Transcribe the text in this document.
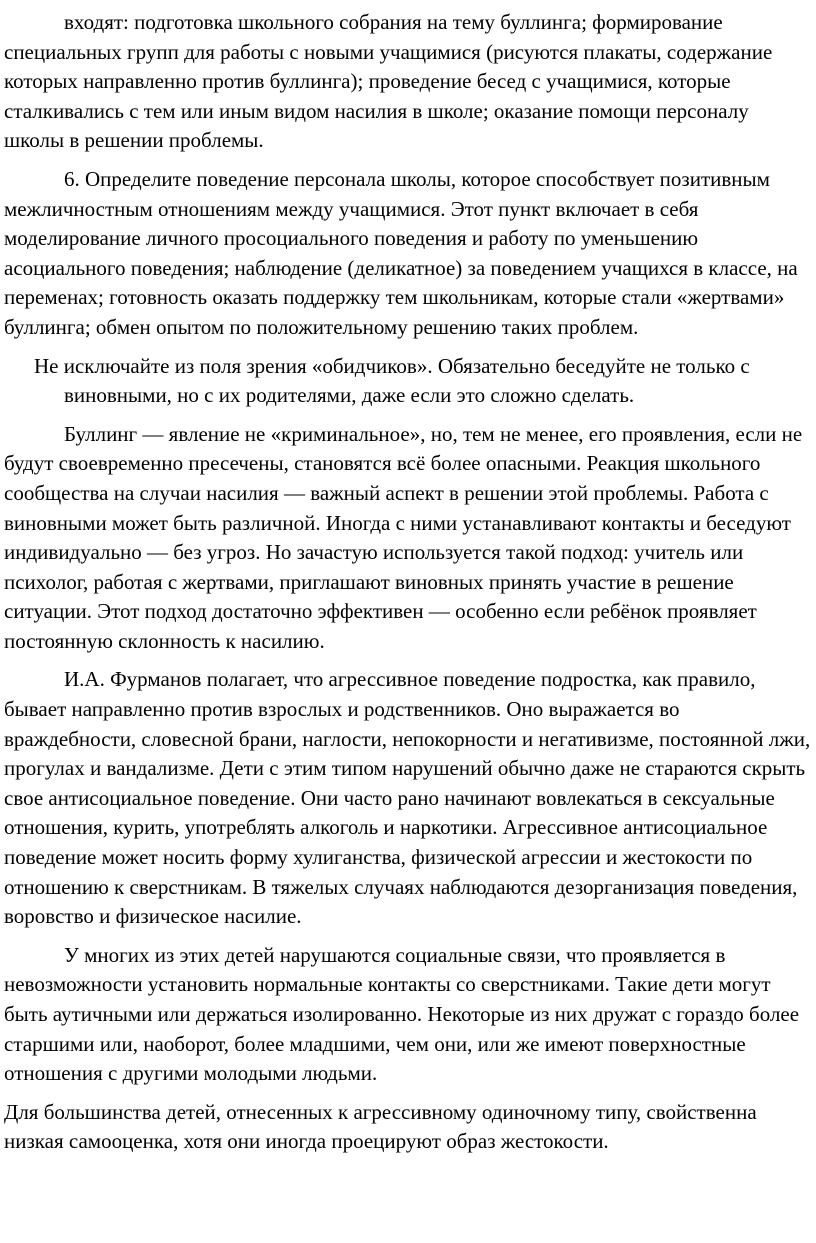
входят: подготовка школьного собрания на тему буллинга; формирование специальных групп для работы с новыми учащимися (рисуются плакаты, содержание которых направленно против буллинга); проведение бесед с учащимися, которые сталкивались с тем или иным видом насилия в школе; оказание помощи персоналу школы в решении проблемы.

6. Определите поведение персонала школы, которое способствует позитивным межличностным отношениям между учащимися. Этот пункт включает в себя моделирование личного просоциального поведения и работу по уменьшению асоциального поведения; наблюдение (деликатное) за поведением учащихся в классе, на переменах; готовность оказать поддержку тем школьникам, которые стали «жертвами» буллинга; обмен опытом по положительному решению таких проблем.

Не исключайте из поля зрения «обидчиков». Обязательно беседуйте не только с виновными, но с их родителями, даже если это сложно сделать.

Буллинг — явление не «криминальное», но, тем не менее, его проявления, если не будут своевременно пресечены, становятся всё более опасными. Реакция школьного сообщества на случаи насилия — важный аспект в решении этой проблемы. Работа с виновными может быть различной. Иногда с ними устанавливают контакты и беседуют индивидуально — без угроз. Но зачастую используется такой подход: учитель или психолог, работая с жертвами, приглашают виновных принять участие в решение ситуации. Этот подход достаточно эффективен — особенно если ребёнок проявляет постоянную склонность к насилию.

И.А. Фурманов полагает, что агрессивное поведение подростка, как правило, бывает направленно против взрослых и родственников. Оно выражается во враждебности, словесной брани, наглости, непокорности и негативизме, постоянной лжи, прогулах и вандализме. Дети с этим типом нарушений обычно даже не стараются скрыть свое антисоциальное поведение. Они часто рано начинают вовлекаться в сексуальные отношения, курить, употреблять алкоголь и наркотики. Агрессивное антисоциальное поведение может носить форму хулиганства, физической агрессии и жестокости по отношению к сверстникам. В тяжелых случаях наблюдаются дезорганизация поведения, воровство и физическое насилие.

У многих из этих детей нарушаются социальные связи, что проявляется в невозможности установить нормальные контакты со сверстниками. Такие дети могут быть аутичными или держаться изолированно. Некоторые из них дружат с гораздо более старшими или, наоборот, более младшими, чем они, или же имеют поверхностные отношения с другими молодыми людьми.

Для большинства детей, отнесенных к агрессивному одиночному типу, свойственна низкая самооценка, хотя они иногда проецируют образ жестокости.
